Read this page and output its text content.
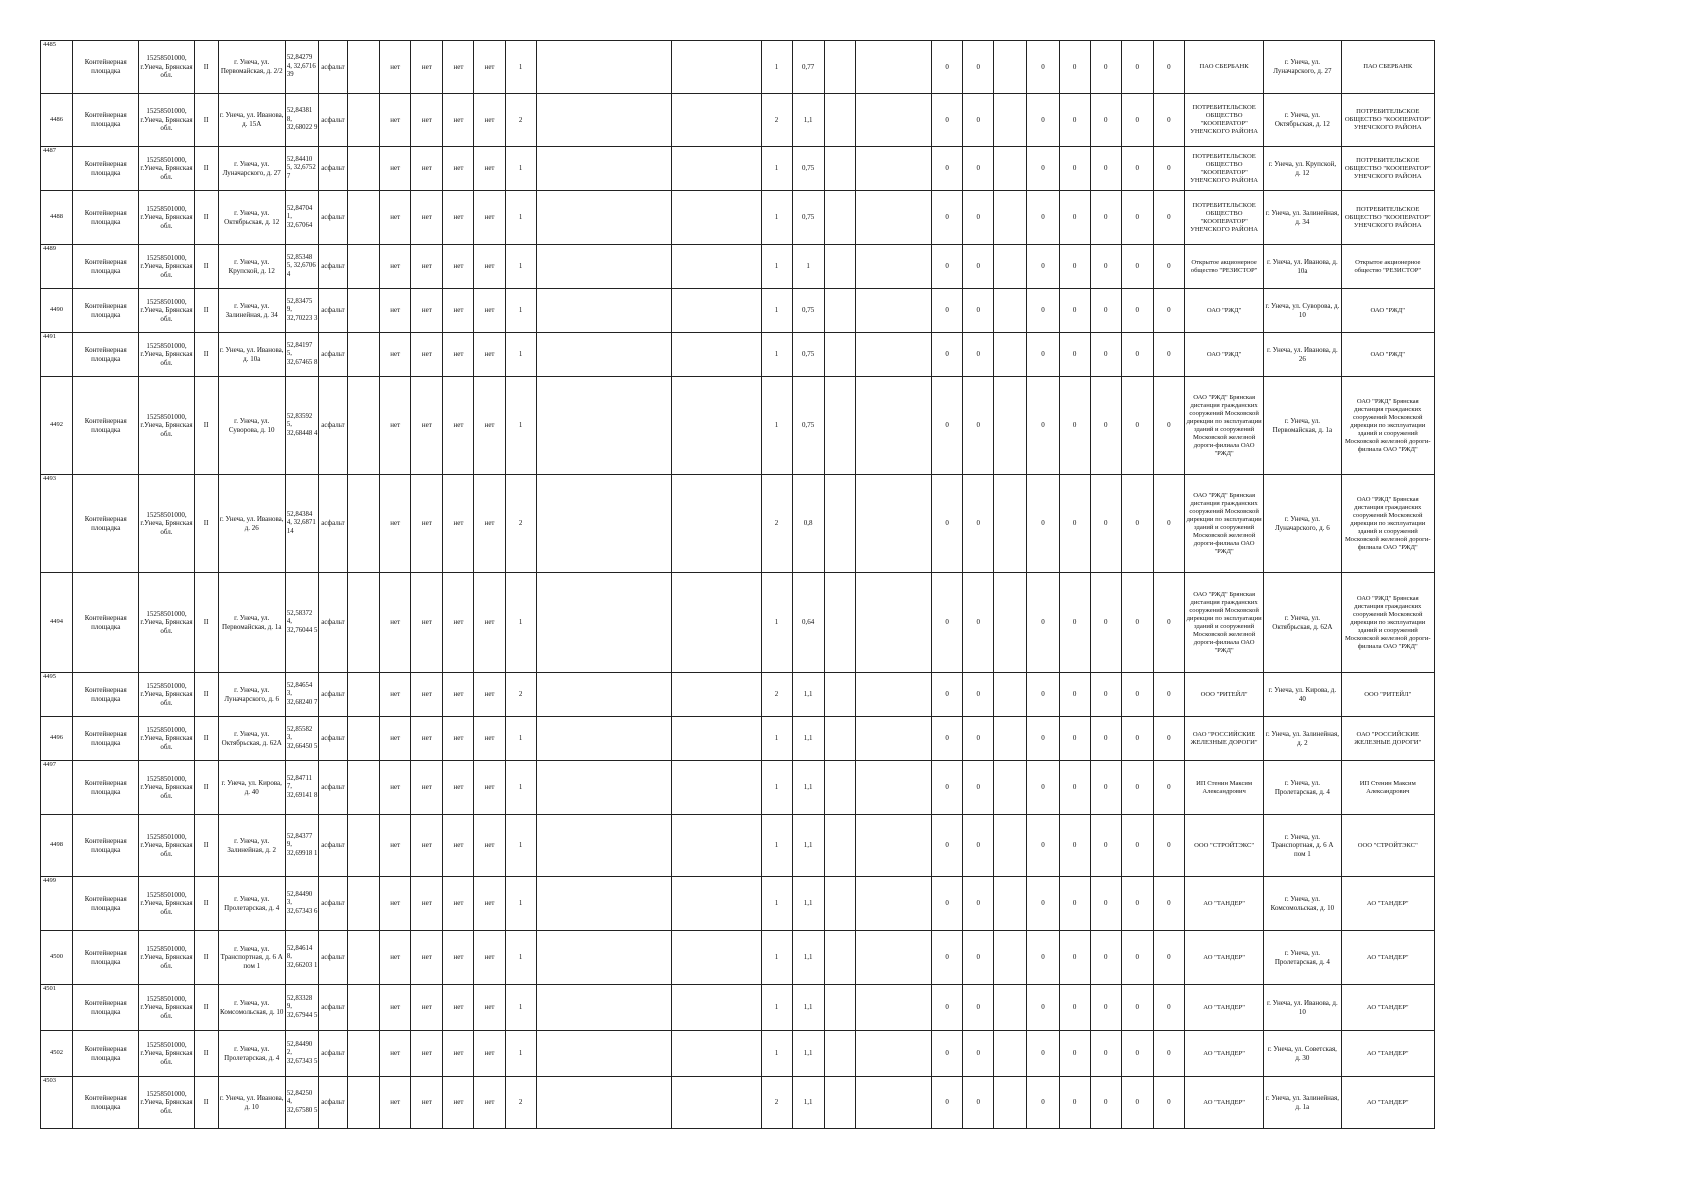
4485	Контейнерная площадка	15258501000, г.Унеча, Брянская обл.	II	г. Унеча, ул. Первомайская, д. 2/2	52,84279 4, 32,6716 39	асфальт		нет	нет	нет	нет	1			1	0,77			0	0		0	0	0	0	0	ПАО СБЕРБАНК	г. Унеча, ул. Луначарского, д. 27	ПАО СБЕРБАНК
4486	Контейнерная площадка	15258501000, г.Унеча, Брянская обл.	II	г. Унеча, ул. Иванова, д. 15А	52,84381 8, 32,68022 9	асфальт		нет	нет	нет	нет	2			2	1,1			0	0		0	0	0	0	0	ПОТРЕБИТЕЛЬСКОЕ ОБЩЕСТВО "КООПЕРАТОР" УНЕЧСКОГО РАЙОНА	г. Унеча, ул. Октябрьская, д. 12	ПОТРЕБИТЕЛЬСКОЕ ОБЩЕСТВО "КООПЕРАТОР" УНЕЧСКОГО РАЙОНА
4487	Контейнерная площадка	15258501000, г.Унеча, Брянская обл.	II	г. Унеча, ул. Луначарского, д. 27	52,84410 5, 32,6752 7	асфальт		нет	нет	нет	нет	1			1	0,75			0	0		0	0	0	0	0	ПОТРЕБИТЕЛЬСКОЕ ОБЩЕСТВО "КООПЕРАТОР" УНЕЧСКОГО РАЙОНА	г. Унеча, ул. Крупской, д. 12	ПОТРЕБИТЕЛЬСКОЕ ОБЩЕСТВО "КООПЕРАТОР" УНЕЧСКОГО РАЙОНА
4488	Контейнерная площадка	15258501000, г.Унеча, Брянская обл.	II	г. Унеча, ул. Октябрьская, д. 12	52,84704 1, 32,67064	асфальт		нет	нет	нет	нет	1			1	0,75			0	0		0	0	0	0	0	ПОТРЕБИТЕЛЬСКОЕ ОБЩЕСТВО "КООПЕРАТОР" УНЕЧСКОГО РАЙОНА	г. Унеча, ул. Залинейная, д. 34	ПОТРЕБИТЕЛЬСКОЕ ОБЩЕСТВО "КООПЕРАТОР" УНЕЧСКОГО РАЙОНА
4489	Контейнерная площадка	15258501000, г.Унеча, Брянская обл.	II	г. Унеча, ул. Крупской, д. 12	52,85348 5, 32,6706 4	асфальт		нет	нет	нет	нет	1			1	1			0	0		0	0	0	0	0	Открытое акционерное общество "РЕЗИСТОР"	г. Унеча, ул. Иванова, д. 10а	Открытое акционерное общество "РЕЗИСТОР"
4490	Контейнерная площадка	15258501000, г.Унеча, Брянская обл.	II	г. Унеча, ул. Залинейная, д. 34	52,83475 9, 32,70223 3	асфальт		нет	нет	нет	нет	1			1	0,75			0	0		0	0	0	0	0	ОАО "РЖД"	г. Унеча, ул. Суворова, д. 10	ОАО "РЖД"
4491	Контейнерная площадка	15258501000, г.Унеча, Брянская обл.	II	г. Унеча, ул. Иванова, д. 10а	52,84197 5, 32,67465 8	асфальт		нет	нет	нет	нет	1			1	0,75			0	0		0	0	0	0	0	ОАО "РЖД"	г. Унеча, ул. Иванова, д. 26	ОАО "РЖД"
4492	Контейнерная площадка	15258501000, г.Унеча, Брянская обл.	II	г. Унеча, ул. Суворова, д. 10	52,83592 5, 32,68448 4	асфальт		нет	нет	нет	нет	1			1	0,75			0	0		0	0	0	0	0	ОАО "РЖД" Брянская дистанция гражданских сооружений Московской дирекции по эксплуатации зданий и сооружений Московской железной дороги-филиала ОАО "РЖД"	г. Унеча, ул. Первомайская, д. 1а	ОАО "РЖД" Брянская дистанция гражданских сооружений Московской дирекции по эксплуатации зданий и сооружений Московской железной дороги-филиала ОАО "РЖД"
4493	Контейнерная площадка	15258501000, г.Унеча, Брянская обл.	II	г. Унеча, ул. Иванова, д. 26	52,84384 4, 32,6871 14	асфальт		нет	нет	нет	нет	2			2	0,8			0	0		0	0	0	0	0	ОАО "РЖД" Брянская дистанция гражданских сооружений Московской дирекции по эксплуатации зданий и сооружений Московской железной дороги-филиала ОАО "РЖД"	г. Унеча, ул. Луначарского, д. 6	ОАО "РЖД" Брянская дистанция гражданских сооружений Московской дирекции по эксплуатации зданий и сооружений Московской железной дороги-филиала ОАО "РЖД"
4494	Контейнерная площадка	15258501000, г.Унеча, Брянская обл.	II	г. Унеча, ул. Первомайская, д. 1а	52,58372 4, 32,76044 5	асфальт		нет	нет	нет	нет	1			1	0,64			0	0		0	0	0	0	0	ОАО "РЖД" Брянская дистанция гражданских сооружений Московской дирекции по эксплуатации зданий и сооружений Московской железной дороги-филиала ОАО "РЖД"	г. Унеча, ул. Октябрьская, д. 62А	ОАО "РЖД" Брянская дистанция гражданских сооружений Московской дирекции по эксплуатации зданий и сооружений Московской железной дороги-филиала ОАО "РЖД"
4495	Контейнерная площадка	15258501000, г.Унеча, Брянская обл.	II	г. Унеча, ул. Луначарского, д. 6	52,84654 3, 32,68240 7	асфальт		нет	нет	нет	нет	2			2	1,1			0	0		0	0	0	0	0	ООО "РИТЕЙЛ"	г. Унеча, ул. Кирова, д. 40	ООО "РИТЕЙЛ"
4496	Контейнерная площадка	15258501000, г.Унеча, Брянская обл.	II	г. Унеча, ул. Октябрьская, д. 62А	52,85582 3, 32,66450 5	асфальт		нет	нет	нет	нет	1			1	1,1			0	0		0	0	0	0	0	ОАО "РОССИЙСКИЕ ЖЕЛЕЗНЫЕ ДОРОГИ"	г. Унеча, ул. Залинейная, д. 2	ОАО "РОССИЙСКИЕ ЖЕЛЕЗНЫЕ ДОРОГИ"
4497	Контейнерная площадка	15258501000, г.Унеча, Брянская обл.	II	г. Унеча, ул. Кирова, д. 40	52,84711 7, 32,69141 8	асфальт		нет	нет	нет	нет	1			1	1,1			0	0		0	0	0	0	0	ИП Стенин Максим Александрович	г. Унеча, ул. Пролетарская, д. 4	ИП Стенин Максим Александрович
4498	Контейнерная площадка	15258501000, г.Унеча, Брянская обл.	II	г. Унеча, ул. Залинейная, д. 2	52,84377 9, 32,69918 1	асфальт		нет	нет	нет	нет	1			1	1,1			0	0		0	0	0	0	0	ООО "СТРОЙТЭКС"	г. Унеча, ул. Транспортная, д. 6 А пом 1	ООО "СТРОЙТЭКС"
4499	Контейнерная площадка	15258501000, г.Унеча, Брянская обл.	II	г. Унеча, ул. Пролетарская, д. 4	52,84490 3, 32,67343 6	асфальт		нет	нет	нет	нет	1			1	1,1			0	0		0	0	0	0	0	АО "ТАНДЕР"	г. Унеча, ул. Комсомольская, д. 10	АО "ТАНДЕР"
4500	Контейнерная площадка	15258501000, г.Унеча, Брянская обл.	II	г. Унеча, ул. Транспортная, д. 6 А пом 1	52,84614 8, 32,66203 1	асфальт		нет	нет	нет	нет	1			1	1,1			0	0		0	0	0	0	0	АО "ТАНДЕР"	г. Унеча, ул. Пролетарская, д. 4	АО "ТАНДЕР"
4501	Контейнерная площадка	15258501000, г.Унеча, Брянская обл.	II	г. Унеча, ул. Комсомольская, д. 10	52,83328 9, 32,67944 5	асфальт		нет	нет	нет	нет	1			1	1,1			0	0		0	0	0	0	0	АО "ТАНДЕР"	г. Унеча, ул. Иванова, д. 10	АО "ТАНДЕР"
4502	Контейнерная площадка	15258501000, г.Унеча, Брянская обл.	II	г. Унеча, ул. Пролетарская, д. 4	52,84490 2, 32,67343 5	асфальт		нет	нет	нет	нет	1			1	1,1			0	0		0	0	0	0	0	АО "ТАНДЕР"	г. Унеча, ул. Советская, д. 30	АО "ТАНДЕР"
4503	Контейнерная площадка	15258501000, г.Унеча, Брянская обл.	II	г. Унеча, ул. Иванова, д. 10	52,84250 4, 32,67580 5	асфальт		нет	нет	нет	нет	2			2	1,1			0	0		0	0	0	0	0	АО "ТАНДЕР"	г. Унеча, ул. Залинейная, д. 1а	АО "ТАНДЕР"
